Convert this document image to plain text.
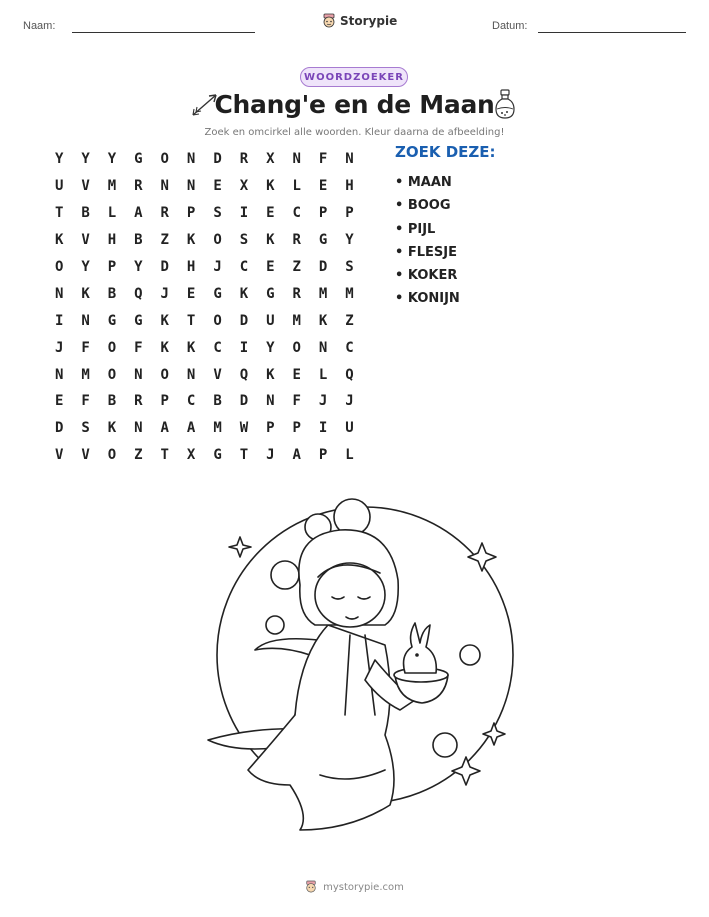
Naam:	Storypie	Datum:
WOORDZOEKER
Chang'e en de Maan
Zoek en omcirkel alle woorden. Kleur daarna de afbeelding!
Y	Y	Y	G	O	N	D	R	X	N	F	N
U	V	M	R	N	N	E	X	K	L	E	H
T	B	L	A	R	P	S	I	E	C	P	P
K	V	H	B	Z	K	O	S	K	R	G	Y
O	Y	P	Y	D	H	J	C	E	Z	D	S
N	K	B	Q	J	E	G	K	G	R	M	M
I	N	G	G	K	T	O	D	U	M	K	Z
J	F	O	F	K	K	C	I	Y	O	N	C
N	M	O	N	O	N	V	Q	K	E	L	Q
E	F	B	R	P	C	B	D	N	F	J	J
D	S	K	N	A	A	M	W	P	P	I	U
V	V	O	Z	T	X	G	T	J	A	P	L
ZOEK DEZE:
• MAAN
• BOOG
• PIJL
• FLESJE
• KOKER
• KONIJN
mystorypie.com
